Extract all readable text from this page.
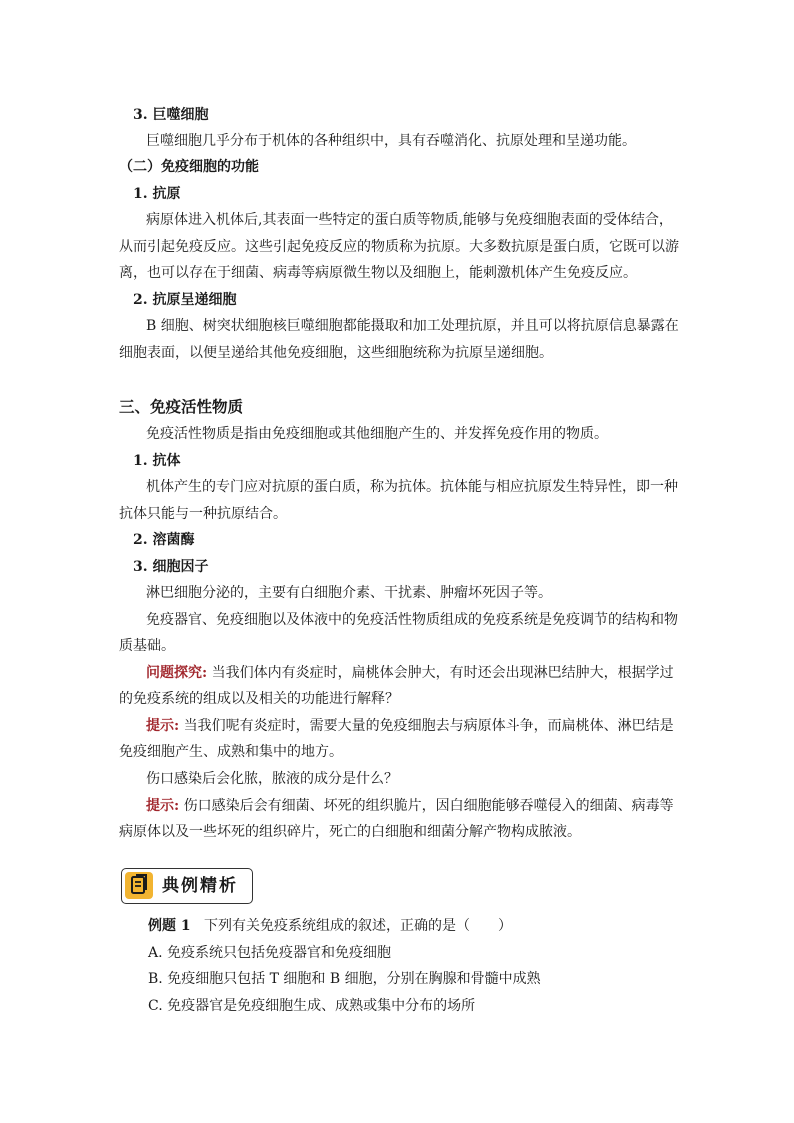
3. 巨噬细胞
巨噬细胞几乎分布于机体的各种组织中，具有吞噬消化、抗原处理和呈递功能。
（二）免疫细胞的功能
1. 抗原
病原体进入机体后,其表面一些特定的蛋白质等物质,能够与免疫细胞表面的受体结合，
从而引起免疫反应。这些引起免疫反应的物质称为抗原。大多数抗原是蛋白质，它既可以游
离，也可以存在于细菌、病毒等病原微生物以及细胞上，能刺激机体产生免疫反应。
2. 抗原呈递细胞
B 细胞、树突状细胞核巨噬细胞都能摄取和加工处理抗原，并且可以将抗原信息暴露在
细胞表面，以便呈递给其他免疫细胞，这些细胞统称为抗原呈递细胞。
三、免疫活性物质
免疫活性物质是指由免疫细胞或其他细胞产生的、并发挥免疫作用的物质。
1. 抗体
机体产生的专门应对抗原的蛋白质，称为抗体。抗体能与相应抗原发生特异性，即一种
抗体只能与一种抗原结合。
2. 溶菌酶
3. 细胞因子
淋巴细胞分泌的，主要有白细胞介素、干扰素、肿瘤坏死因子等。
免疫器官、免疫细胞以及体液中的免疫活性物质组成的免疫系统是免疫调节的结构和物
质基础。
问题探究: 当我们体内有炎症时，扁桃体会肿大，有时还会出现淋巴结肿大，根据学过
的免疫系统的组成以及相关的功能进行解释？
提示: 当我们呢有炎症时，需要大量的免疫细胞去与病原体斗争，而扁桃体、淋巴结是
免疫细胞产生、成熟和集中的地方。
伤口感染后会化脓，脓液的成分是什么？
提示: 伤口感染后会有细菌、坏死的组织脆片，因白细胞能够吞噬侵入的细菌、病毒等
病原体以及一些坏死的组织碎片，死亡的白细胞和细菌分解产物构成脓液。
典例精析
例题 1 下列有关免疫系统组成的叙述，正确的是（　　）
A. 免疫系统只包括免疫器官和免疫细胞
B. 免疫细胞只包括 T 细胞和 B 细胞，分别在胸腺和骨髓中成熟
C. 免疫器官是免疫细胞生成、成熟或集中分布的场所
